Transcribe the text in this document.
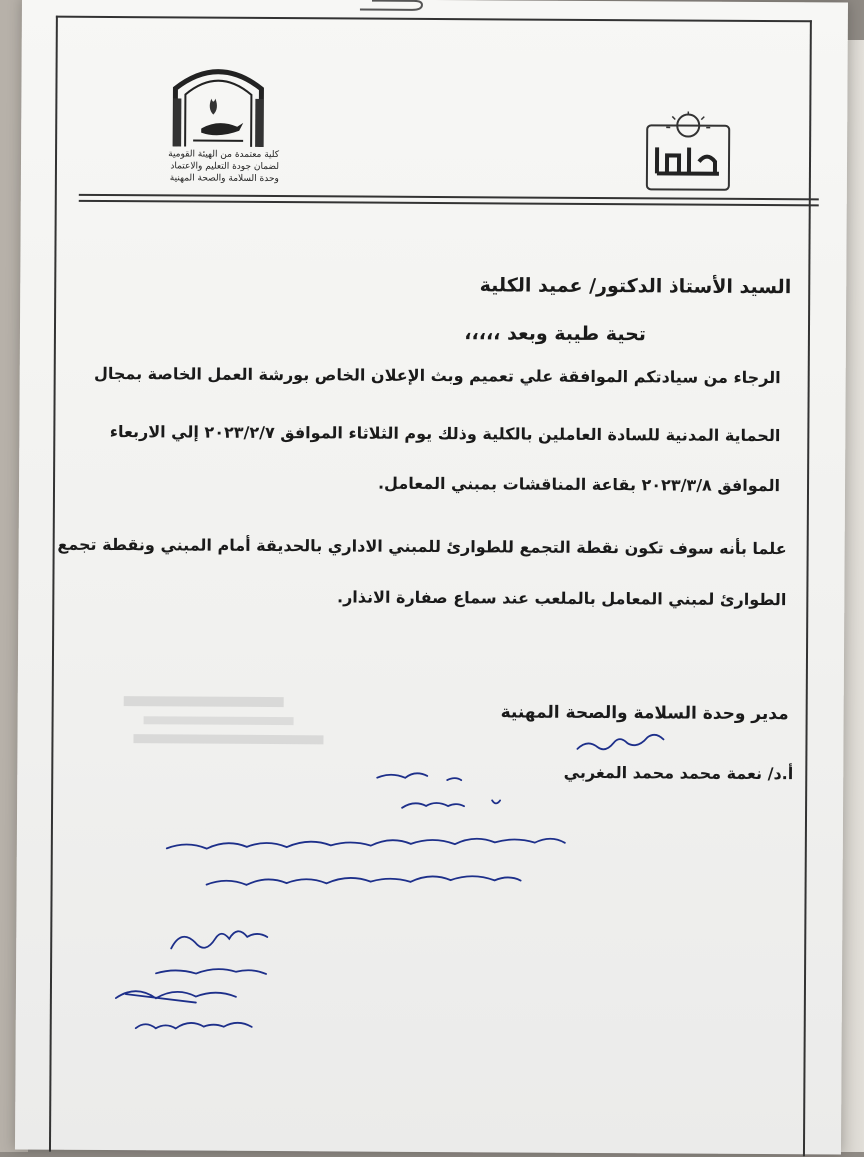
كلية معتمدة من الهيئة القومية
لضمان جودة التعليم والاعتماد
وحدة السلامة والصحة المهنية
السيد الأستاذ الدكتور/ عميد الكلية
تحية طيبة وبعد ،،،،،
الرجاء من سيادتكم الموافقة علي تعميم وبث الإعلان الخاص بورشة العمل الخاصة بمجال
الحماية المدنية للسادة العاملين بالكلية وذلك يوم الثلاثاء الموافق ٢٠٢٣/٢/٧ إلي الاربعاء
الموافق ٢٠٢٣/٣/٨ بقاعة المناقشات بمبني المعامل.
علما بأنه سوف تكون نقطة التجمع للطوارئ للمبني الاداري بالحديقة أمام المبني ونقطة تجمع
الطوارئ لمبني المعامل بالملعب عند سماع صفارة الانذار.
مدير وحدة السلامة والصحة المهنية
أ.د/ نعمة محمد محمد المغربي
